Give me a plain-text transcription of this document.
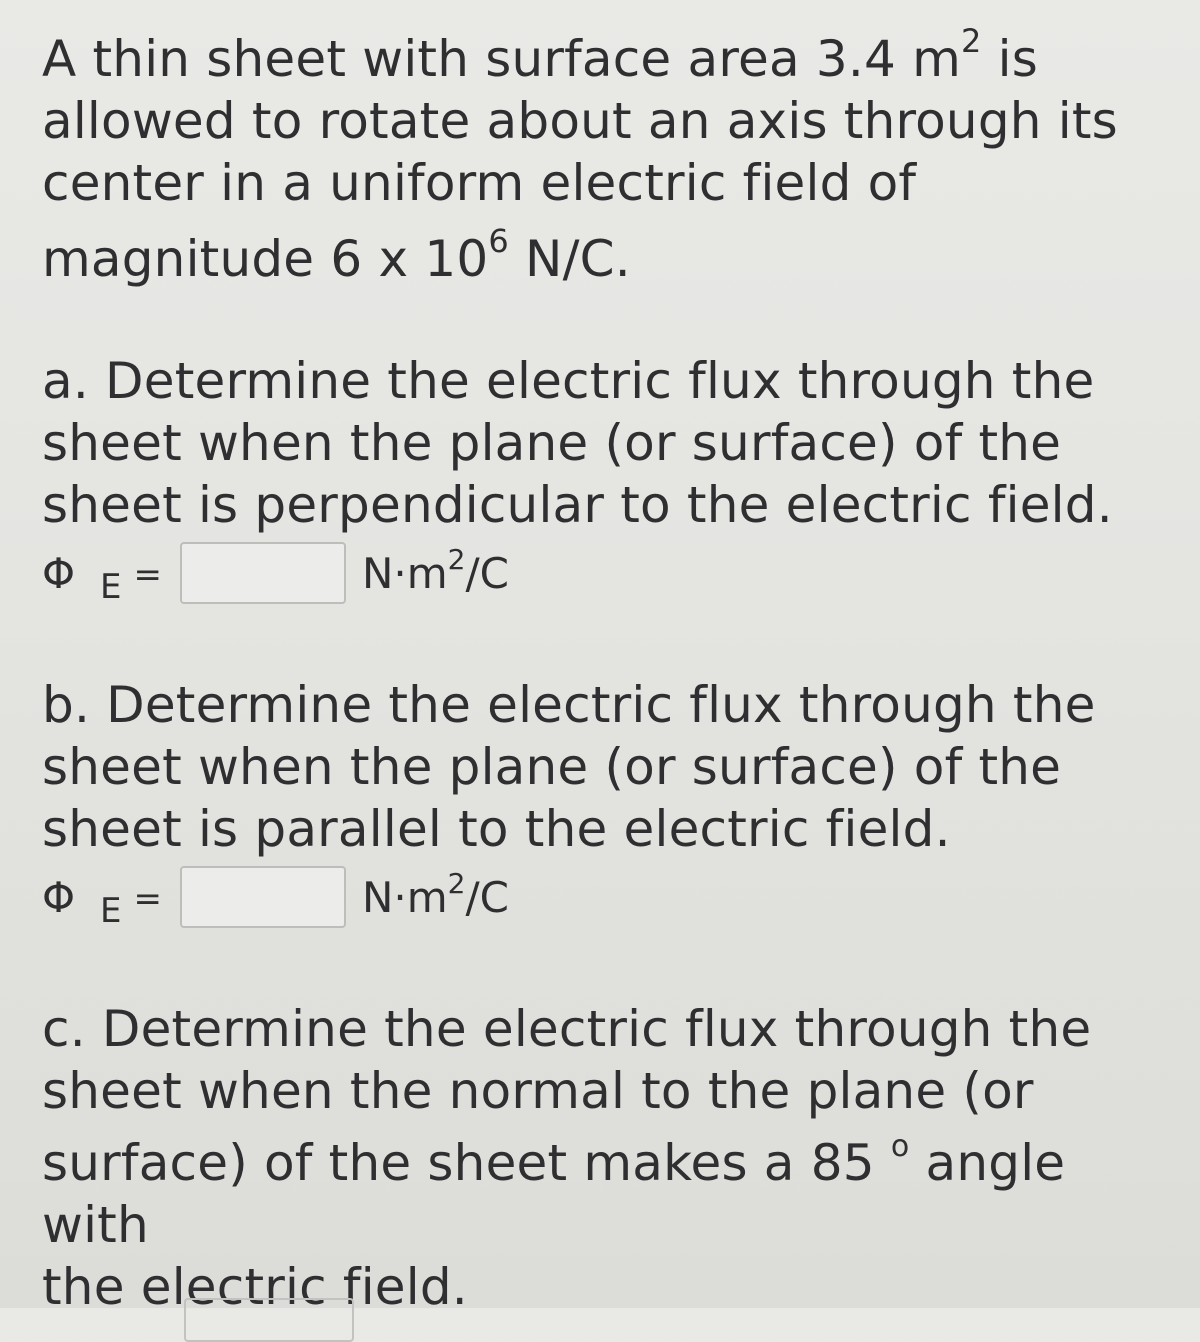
A thin sheet with surface area 3.4 $m^2$ is
allowed to rotate about an axis through its
center in a uniform electric field of
magnitude 6 x $10^6$ N/C.

a. Determine the electric flux through the
sheet when the plane (or surface) of the
sheet is perpendicular to the electric field.

Φ E =	$N\cdot m^2/C$

b. Determine the electric flux through the
sheet when the plane (or surface) of the
sheet is parallel to the electric field.

Φ E =	$N\cdot m^2/C$

c. Determine the electric flux through the
sheet when the normal to the plane (or
surface) of the sheet makes a 85 $^o$ angle with
the electric field.
